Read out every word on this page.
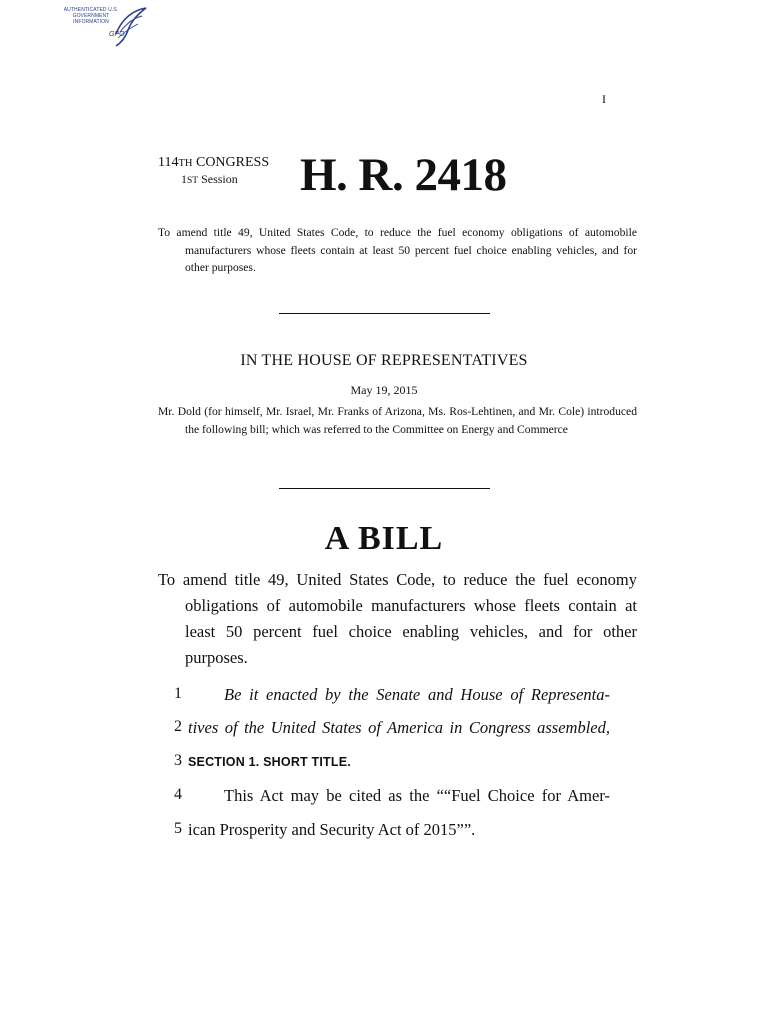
AUTHENTICATED U.S. GOVERNMENT INFORMATION
GPO
I
114TH CONGRESS
1ST Session H. R. 2418
To amend title 49, United States Code, to reduce the fuel economy obligations of automobile manufacturers whose fleets contain at least 50 percent fuel choice enabling vehicles, and for other purposes.
IN THE HOUSE OF REPRESENTATIVES
May 19, 2015
Mr. Dold (for himself, Mr. Israel, Mr. Franks of Arizona, Ms. Ros-Lehtinen, and Mr. Cole) introduced the following bill; which was referred to the Committee on Energy and Commerce
A BILL
To amend title 49, United States Code, to reduce the fuel economy obligations of automobile manufacturers whose fleets contain at least 50 percent fuel choice enabling vehicles, and for other purposes.
1	Be it enacted by the Senate and House of Representa-
2 tives of the United States of America in Congress assembled,
3 SECTION 1. SHORT TITLE.
4	This Act may be cited as the ““Fuel Choice for Amer-
5 ican Prosperity and Security Act of 2015””.
